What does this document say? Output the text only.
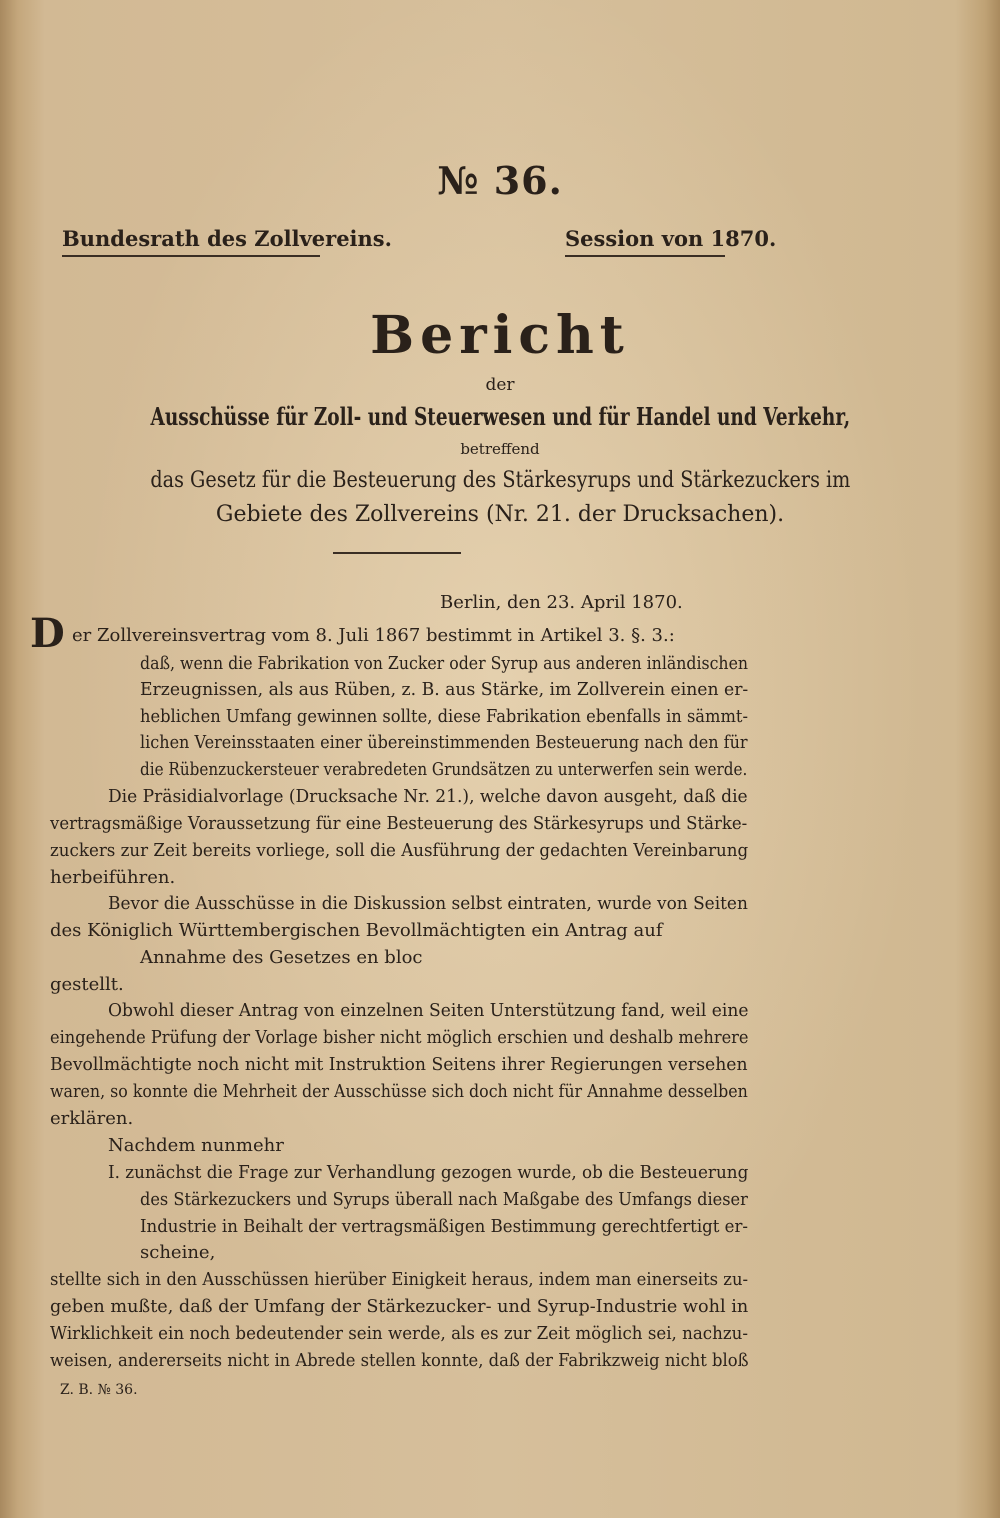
№ 36.
Bundesrath des Zollvereins.	Session von 1870.
Bericht
der
Ausschüsse für Zoll- und Steuerwesen und für Handel und Verkehr,
betreffend
das Gesetz für die Besteuerung des Stärkesyrups und Stärkezuckers im
Gebiete des Zollvereins (Nr. 21. der Drucksachen).
Berlin, den 23. April 1870.
D er Zollvereinsvertrag vom 8. Juli 1867 bestimmt in Artikel 3. §. 3.:
daß, wenn die Fabrikation von Zucker oder Syrup aus anderen inländischen
Erzeugnissen, als aus Rüben, z. B. aus Stärke, im Zollverein einen er-
heblichen Umfang gewinnen sollte, diese Fabrikation ebenfalls in sämmt-
lichen Vereinsstaaten einer übereinstimmenden Besteuerung nach den für
die Rübenzuckersteuer verabredeten Grundsätzen zu unterwerfen sein werde.
Die Präsidialvorlage (Drucksache Nr. 21.), welche davon ausgeht, daß die
vertragsmäßige Voraussetzung für eine Besteuerung des Stärkesyrups und Stärke-
zuckers zur Zeit bereits vorliege, soll die Ausführung der gedachten Vereinbarung
herbeiführen.
Bevor die Ausschüsse in die Diskussion selbst eintraten, wurde von Seiten
des Königlich Württembergischen Bevollmächtigten ein Antrag auf
Annahme des Gesetzes en bloc
gestellt.
Obwohl dieser Antrag von einzelnen Seiten Unterstützung fand, weil eine
eingehende Prüfung der Vorlage bisher nicht möglich erschien und deshalb mehrere
Bevollmächtigte noch nicht mit Instruktion Seitens ihrer Regierungen versehen
waren, so konnte die Mehrheit der Ausschüsse sich doch nicht für Annahme desselben
erklären.
Nachdem nunmehr
I. zunächst die Frage zur Verhandlung gezogen wurde, ob die Besteuerung
des Stärkezuckers und Syrups überall nach Maßgabe des Umfangs dieser
Industrie in Beihalt der vertragsmäßigen Bestimmung gerechtfertigt er-
scheine,
stellte sich in den Ausschüssen hierüber Einigkeit heraus, indem man einerseits zu-
geben mußte, daß der Umfang der Stärkezucker- und Syrup-Industrie wohl in
Wirklichkeit ein noch bedeutender sein werde, als es zur Zeit möglich sei, nachzu-
weisen, andererseits nicht in Abrede stellen konnte, daß der Fabrikzweig nicht bloß
Z. B. № 36.
